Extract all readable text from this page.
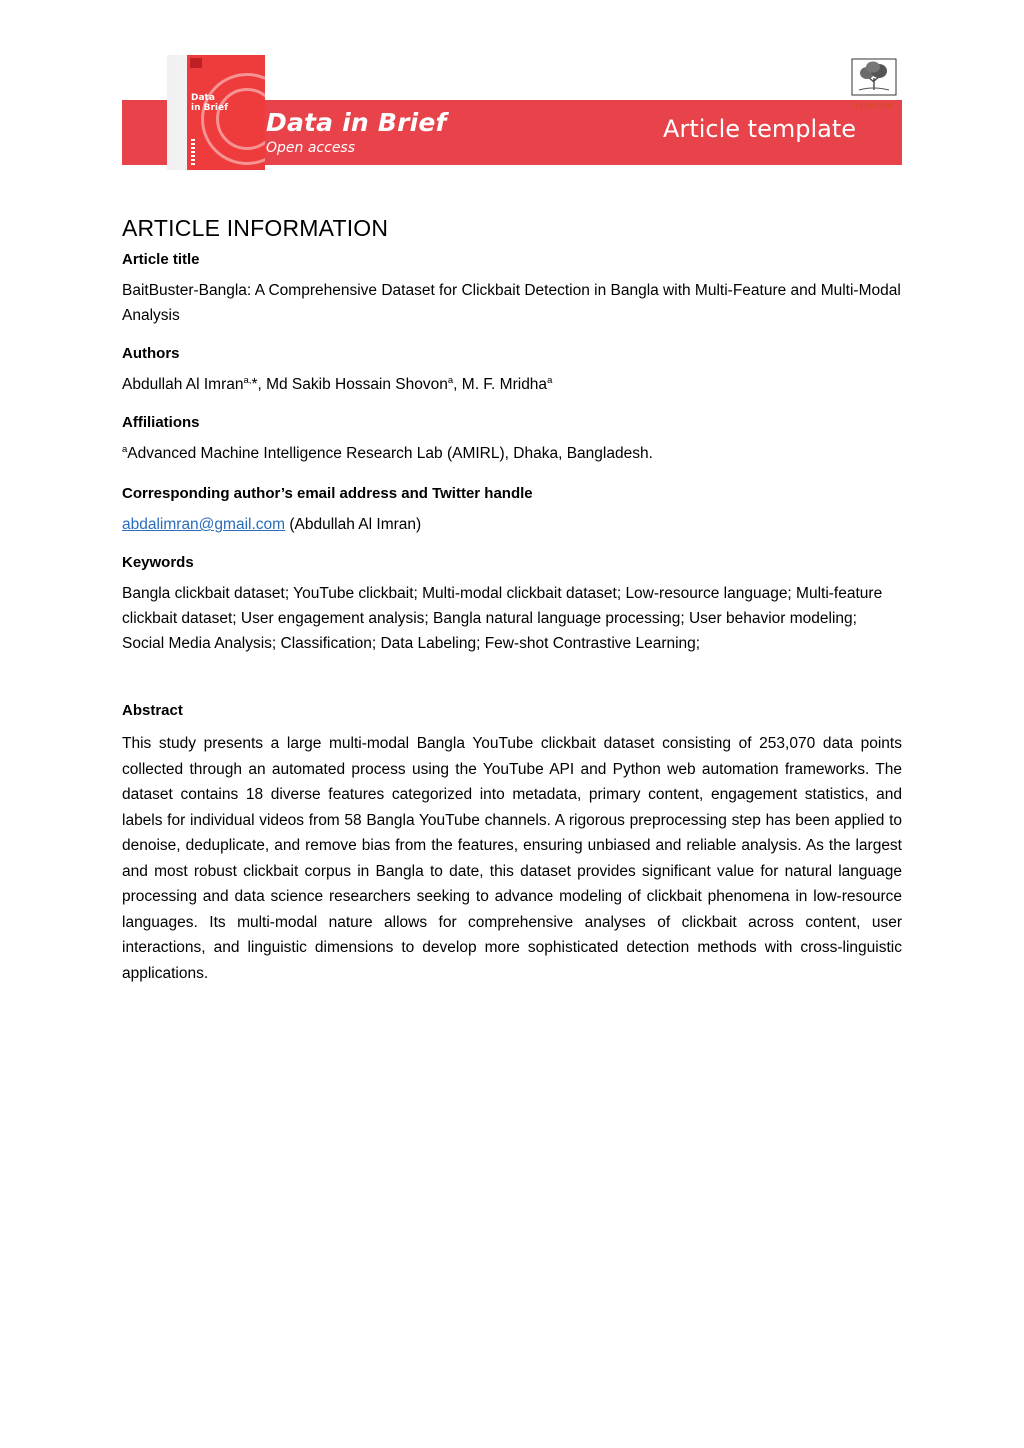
Data
in Brief Data in Brief
Open access
Article template
ELSEVIER
ARTICLE INFORMATION
Article title
BaitBuster-Bangla: A Comprehensive Dataset for Clickbait Detection in Bangla with Multi-Feature and Multi-Modal Analysis
Authors
Abdullah Al Imran$^{a,}$*, Md Sakib Hossain Shovon$^a$, M. F. Mridha$^a$
Affiliations
$^a$Advanced Machine Intelligence Research Lab (AMIRL), Dhaka, Bangladesh.
Corresponding author’s email address and Twitter handle
abdalimran@gmail.com (Abdullah Al Imran)
Keywords
Bangla clickbait dataset; YouTube clickbait; Multi-modal clickbait dataset; Low-resource language; Multi-feature clickbait dataset; User engagement analysis; Bangla natural language processing; User behavior modeling; Social Media Analysis; Classification; Data Labeling; Few-shot Contrastive Learning;
Abstract

This study presents a large multi-modal Bangla YouTube clickbait dataset consisting of 253,070 data points collected through an automated process using the YouTube API and Python web automation frameworks. The dataset contains 18 diverse features categorized into metadata, primary content, engagement statistics, and labels for individual videos from 58 Bangla YouTube channels. A rigorous preprocessing step has been applied to denoise, deduplicate, and remove bias from the features, ensuring unbiased and reliable analysis. As the largest and most robust clickbait corpus in Bangla to date, this dataset provides significant value for natural language processing and data science researchers seeking to advance modeling of clickbait phenomena in low-resource languages. Its multi-modal nature allows for comprehensive analyses of clickbait across content, user interactions, and linguistic dimensions to develop more sophisticated detection methods with cross-linguistic applications.
